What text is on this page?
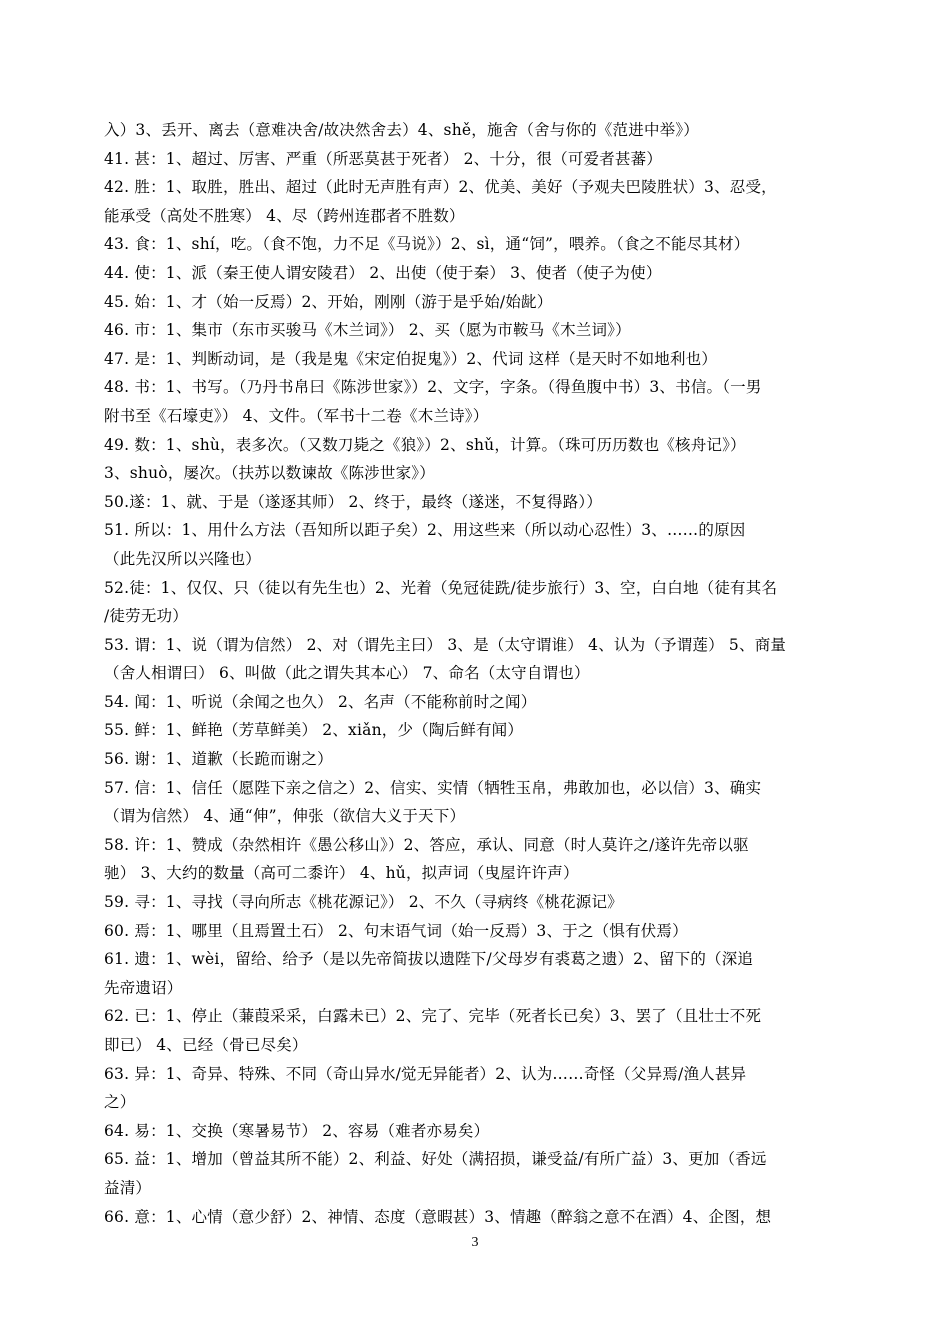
入）3、丢开、离去（意难决舍/故决然舍去）4、shě，施舍（舍与你的《范进中举》）
41. 甚：1、超过、厉害、严重（所恶莫甚于死者） 2、十分，很（可爱者甚蕃）
42. 胜：1、取胜，胜出、超过（此时无声胜有声）2、优美、美好（予观夫巴陵胜状）3、忍受，
能承受（高处不胜寒） 4、尽（跨州连郡者不胜数）
43. 食：1、shí，吃。（食不饱，力不足《马说》）2、sì，通“饲”，喂养。（食之不能尽其材）
44. 使：1、派（秦王使人谓安陵君） 2、出使（使于秦） 3、使者（使子为使）
45. 始：1、才（始一反焉）2、开始，刚刚（游于是乎始/始龀）
46. 市：1、集市（东市买骏马《木兰词》） 2、买（愿为市鞍马《木兰词》）
47. 是：1、判断动词，是（我是鬼《宋定伯捉鬼》）2、代词 这样（是天时不如地利也）
48. 书：1、书写。（乃丹书帛曰《陈涉世家》）2、文字，字条。（得鱼腹中书）3、书信。（一男
附书至《石壕吏》） 4、文件。（军书十二卷《木兰诗》）
49. 数：1、shù，表多次。（又数刀毙之《狼》）2、shǔ，计算。（珠可历历数也《核舟记》）
3、shuò，屡次。（扶苏以数谏故《陈涉世家》）
50.遂：1、就、于是（遂逐其师） 2、终于，最终（遂迷，不复得路））
51. 所以：1、用什么方法（吾知所以距子矣）2、用这些来（所以动心忍性）3、……的原因
（此先汉所以兴隆也）
52.徒：1、仅仅、只（徒以有先生也）2、光着（免冠徒跣/徒步旅行）3、空，白白地（徒有其名
/徒劳无功）
53. 谓：1、说（谓为信然） 2、对（谓先主曰） 3、是（太守谓谁） 4、认为（予谓莲） 5、商量
（舍人相谓曰） 6、叫做（此之谓失其本心） 7、命名（太守自谓也）
54. 闻：1、听说（余闻之也久） 2、名声（不能称前时之闻）
55. 鲜：1、鲜艳（芳草鲜美） 2、xiǎn，少（陶后鲜有闻）
56. 谢：1、道歉（长跪而谢之）
57. 信：1、信任（愿陛下亲之信之）2、信实、实情（牺牲玉帛，弗敢加也，必以信）3、确实
（谓为信然） 4、通“伸”，伸张（欲信大义于天下）
58. 许：1、赞成（杂然相许《愚公移山》）2、答应，承认、同意（时人莫许之/遂许先帝以驱
驰） 3、大约的数量（高可二黍许） 4、hǔ，拟声词（曳屋许许声）
59. 寻：1、寻找（寻向所志《桃花源记》） 2、不久（寻病终《桃花源记》
60. 焉：1、哪里（且焉置土石） 2、句末语气词（始一反焉）3、于之（惧有伏焉）
61. 遗：1、wèi，留给、给予（是以先帝简拔以遗陛下/父母岁有裘葛之遗）2、留下的（深追
先帝遗诏）
62. 已：1、停止（蒹葭采采，白露未已）2、完了、完毕（死者长已矣）3、罢了（且壮士不死
即已） 4、已经（骨已尽矣）
63. 异：1、奇异、特殊、不同（奇山异水/觉无异能者）2、认为……奇怪（父异焉/渔人甚异
之）
64. 易：1、交换（寒暑易节） 2、容易（难者亦易矣）
65. 益：1、增加（曾益其所不能）2、利益、好处（满招损，谦受益/有所广益）3、更加（香远
益清）
66. 意：1、心情（意少舒）2、神情、态度（意暇甚）3、情趣（醉翁之意不在酒）4、企图，想
3
